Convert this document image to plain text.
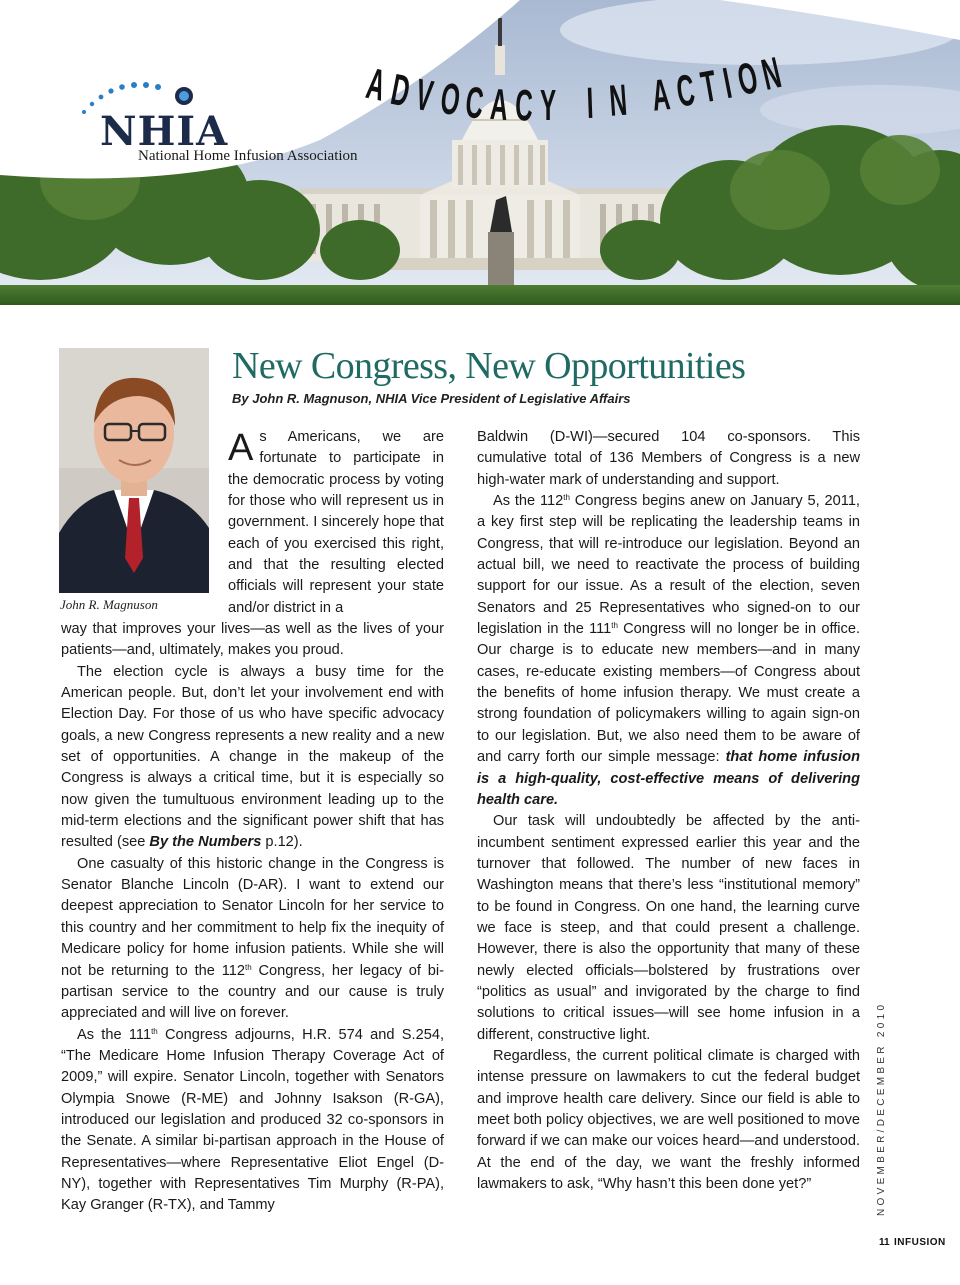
NHIA
National Home Infusion Association
A
D
V O C A C Y I N A C T
I
O
N
John R. Magnuson
New Congress, New Opportunities
By John R. Magnuson, NHIA Vice President of Legislative Affairs

As Americans, we are fortunate to participate in the democratic process by voting for those who will represent us in government. I sincerely hope that each of you exercised this right, and that the resulting elected officials will represent your state and/or district in a

way that improves your lives—as well as the lives of your patients—and, ultimately, makes you proud.

The election cycle is always a busy time for the American people. But, don’t let your involvement end with Election Day. For those of us who have specific advocacy goals, a new Congress represents a new reality and a new set of opportunities. A change in the makeup of the Congress is always a critical time, but it is especially so now given the tumultuous environment leading up to the mid-term elections and the significant power shift that has resulted (see By the Numbers p.12).

One casualty of this historic change in the Congress is Senator Blanche Lincoln (D-AR). I want to extend our deepest appreciation to Senator Lincoln for her service to this country and her commitment to help fix the inequity of Medicare policy for home infusion patients. While she will not be returning to the 112th Congress, her legacy of bi-partisan service to the country and our cause is truly appreciated and will live on forever.

As the 111th Congress adjourns, H.R. 574 and S.254, “The Medicare Home Infusion Therapy Coverage Act of 2009,” will expire. Senator Lincoln, together with Senators Olympia Snowe (R-ME) and Johnny Isakson (R-GA), introduced our legislation and produced 32 co-sponsors in the Senate. A similar bi-partisan approach in the House of Representatives—where Representative Eliot Engel (D-NY), together with Representatives Tim Murphy (R-PA), Kay Granger (R-TX), and Tammy

Baldwin (D-WI)—secured 104 co-sponsors. This cumulative total of 136 Members of Congress is a new high-water mark of understanding and support.

As the 112th Congress begins anew on January 5, 2011, a key first step will be replicating the leadership teams in Congress, that will re-introduce our legislation. Beyond an actual bill, we need to reactivate the process of building support for our issue. As a result of the election, seven Senators and 25 Representatives who signed-on to our legislation in the 111th Congress will no longer be in office. Our charge is to educate new members—and in many cases, re-educate existing members—of Congress about the benefits of home infusion therapy. We must create a strong foundation of policymakers willing to again sign-on to our legislation. But, we also need them to be aware of and carry forth our simple message: that home infusion is a high-quality, cost-effective means of delivering health care.

Our task will undoubtedly be affected by the anti-incumbent sentiment expressed earlier this year and the turnover that followed. The number of new faces in Washington means that there’s less “institutional memory” to be found in Congress. On one hand, the learning curve we face is steep, and that could present a challenge. However, there is also the opportunity that many of these newly elected officials—bolstered by frustrations over “politics as usual” and invigorated by the charge to find solutions to critical issues—will see home infusion in a different, constructive light.

Regardless, the current political climate is charged with intense pressure on lawmakers to cut the federal budget and improve health care delivery. Since our field is able to meet both policy objectives, we are well positioned to move forward if we can make our voices heard—and understood. At the end of the day, we want the freshly informed lawmakers to ask, “Why hasn’t this been done yet?”	NOVEMBER/DECEMBER 2010
11 INFUSION
